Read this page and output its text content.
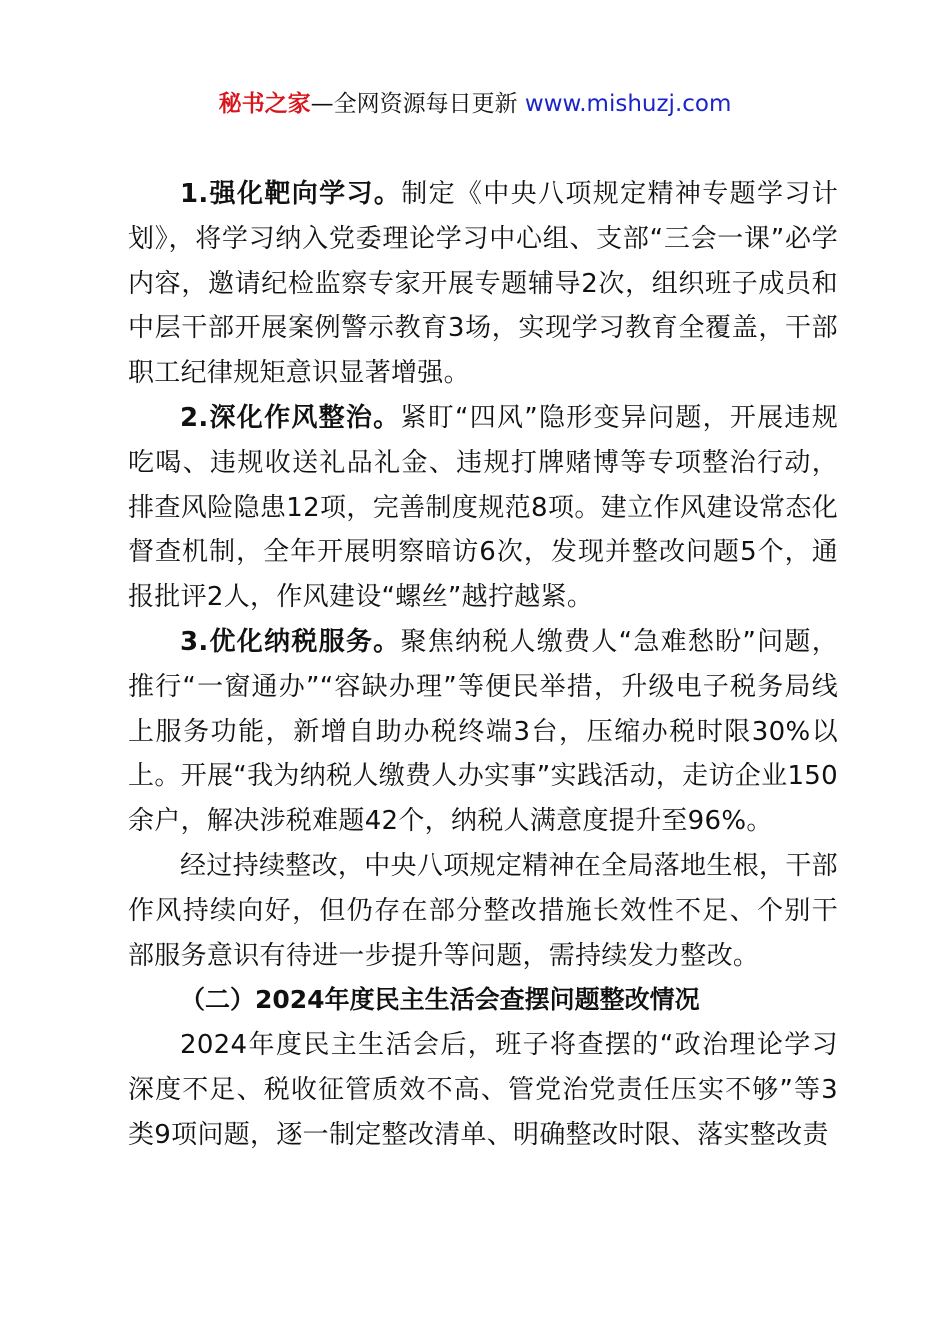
秘书之家—全网资源每日更新 www.mishuzj.com

1.强化靶向学习。制定《中央八项规定精神专题学习计划》，将学习纳入党委理论学习中心组、支部“三会一课”必学内容，邀请纪检监察专家开展专题辅导2次，组织班子成员和中层干部开展案例警示教育3场，实现学习教育全覆盖，干部职工纪律规矩意识显著增强。

2.深化作风整治。紧盯“四风”隐形变异问题，开展违规吃喝、违规收送礼品礼金、违规打牌赌博等专项整治行动，排查风险隐患12项，完善制度规范8项。建立作风建设常态化督查机制，全年开展明察暗访6次，发现并整改问题5个，通报批评2人，作风建设“螺丝”越拧越紧。

3.优化纳税服务。聚焦纳税人缴费人“急难愁盼”问题，推行“一窗通办”“容缺办理”等便民举措，升级电子税务局线上服务功能，新增自助办税终端3台，压缩办税时限30%以上。开展“我为纳税人缴费人办实事”实践活动，走访企业150余户，解决涉税难题42个，纳税人满意度提升至96%。

经过持续整改，中央八项规定精神在全局落地生根，干部作风持续向好，但仍存在部分整改措施长效性不足、个别干部服务意识有待进一步提升等问题，需持续发力整改。

（二）2024年度民主生活会查摆问题整改情况

2024年度民主生活会后，班子将查摆的“政治理论学习深度不足、税收征管质效不高、管党治党责任压实不够”等3类9项问题，逐一制定整改清单、明确整改时限、落实整改责
